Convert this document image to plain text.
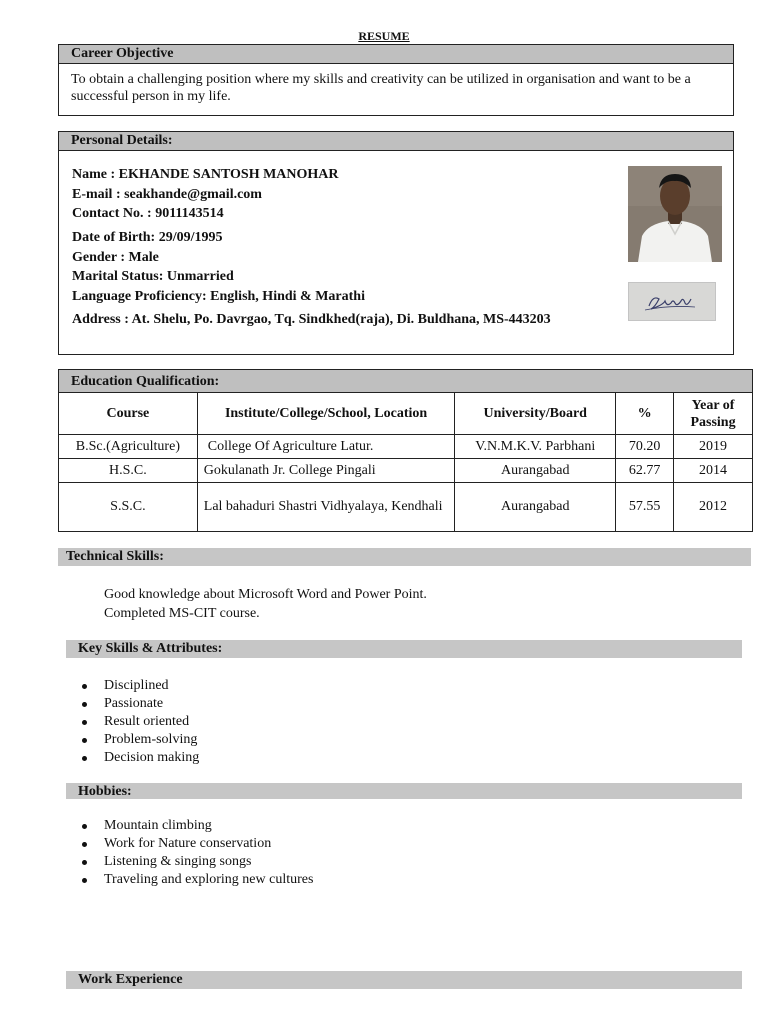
RESUME
Career Objective
To obtain a challenging position where my skills and creativity can be utilized in organisation and want to be a successful person in my life.
Personal Details:
Name : EKHANDE SANTOSH MANOHAR
E-mail : seakhande@gmail.com
Contact No. : 9011143514
Date of Birth: 29/09/1995
Gender : Male
Marital Status: Unmarried
Language Proficiency: English, Hindi & Marathi
Address : At. Shelu, Po. Davrgao, Tq. Sindkhed(raja), Di. Buldhana, MS-443203
Education Qualification:
Course	Institute/College/School, Location	University/Board	%	Year of Passing
B.Sc.(Agriculture)	College Of Agriculture Latur.	V.N.M.K.V. Parbhani	70.20	2019
H.S.C.	Gokulanath Jr. College Pingali	Aurangabad	62.77	2014
S.S.C.	Lal bahaduri Shastri Vidhyalaya, Kendhali	Aurangabad	57.55	2012
Technical Skills:
Good knowledge about Microsoft Word and Power Point.
Completed MS-CIT course.
Key Skills & Attributes:
Disciplined
Passionate
Result oriented
Problem-solving
Decision making
Hobbies:
Mountain climbing
Work for Nature conservation
Listening & singing songs
Traveling and exploring new cultures
Work Experience
